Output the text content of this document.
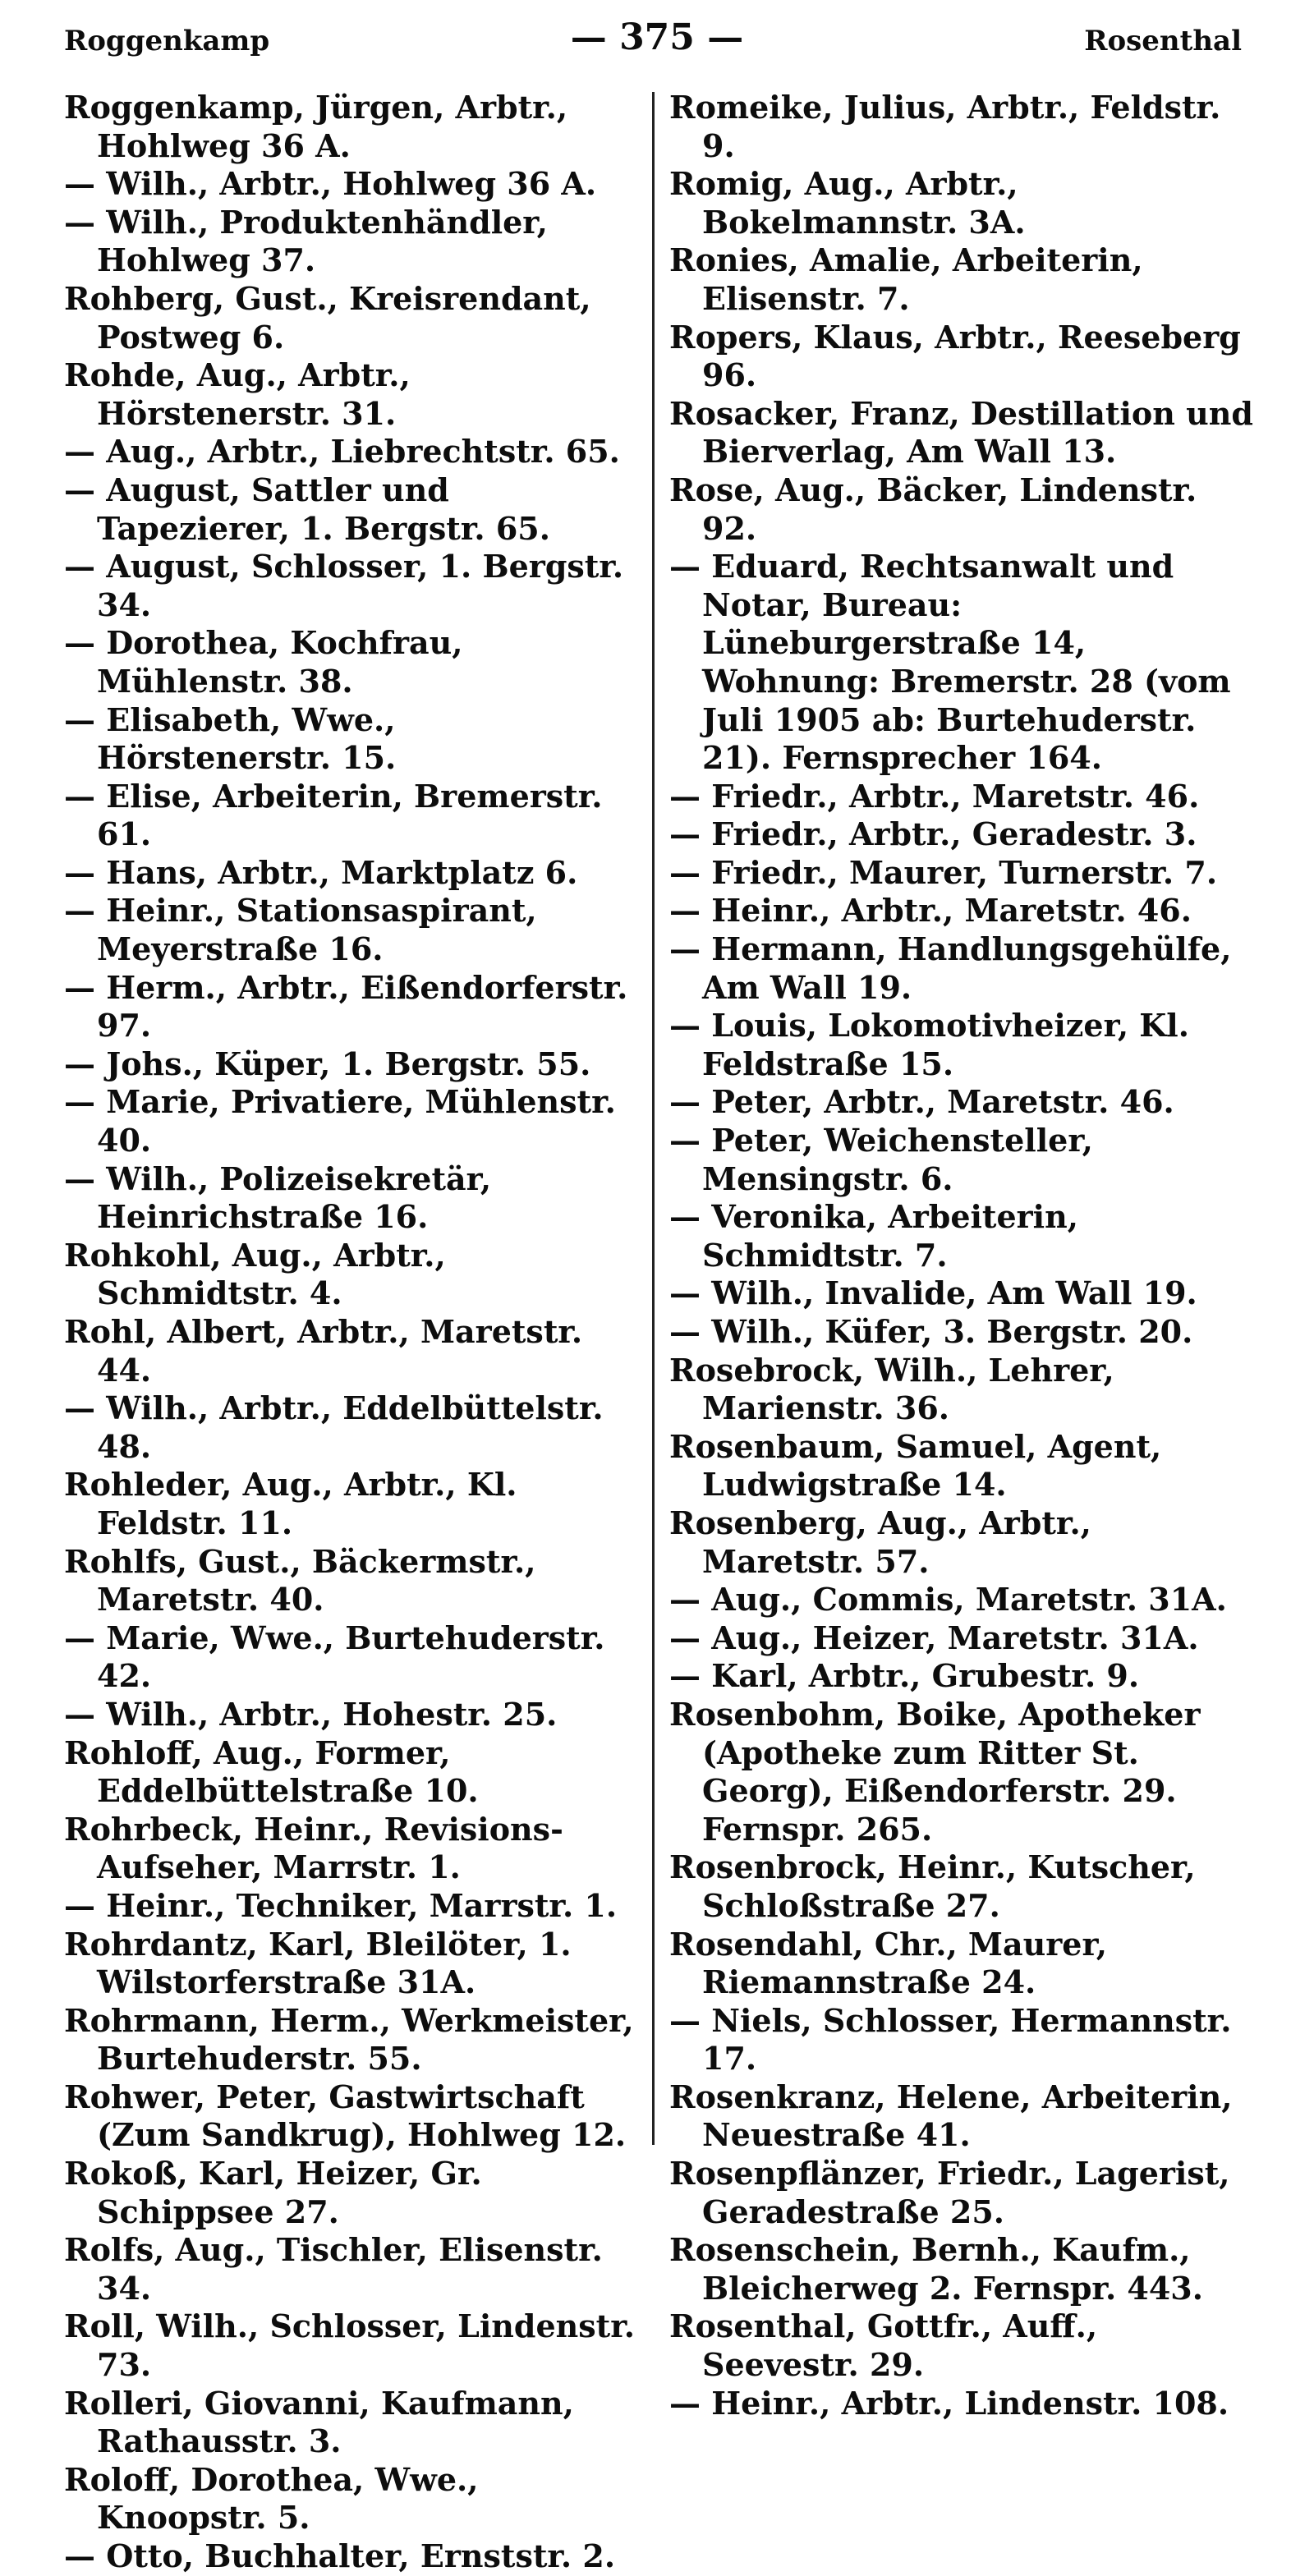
Roggenkamp	— 375 —	Rosenthal

Roggenkamp, Jürgen, Arbtr., Hohlweg 36 A.

— Wilh., Arbtr., Hohlweg 36 A.

— Wilh., Produktenhändler, Hohlweg 37.

Rohberg, Gust., Kreisrendant, Postweg 6.

Rohde, Aug., Arbtr., Hörstenerstr. 31.

— Aug., Arbtr., Liebrechtstr. 65.

— August, Sattler und Tapezierer, 1. Bergstr. 65.

— August, Schlosser, 1. Bergstr. 34.

— Dorothea, Kochfrau, Mühlenstr. 38.

— Elisabeth, Wwe., Hörstenerstr. 15.

— Elise, Arbeiterin, Bremerstr. 61.

— Hans, Arbtr., Marktplatz 6.

— Heinr., Stationsaspirant, Meyerstraße 16.

— Herm., Arbtr., Eißendorferstr. 97.

— Johs., Küper, 1. Bergstr. 55.

— Marie, Privatiere, Mühlenstr. 40.

— Wilh., Polizeisekretär, Heinrichstraße 16.

Rohkohl, Aug., Arbtr., Schmidtstr. 4.

Rohl, Albert, Arbtr., Maretstr. 44.

— Wilh., Arbtr., Eddelbüttelstr. 48.

Rohleder, Aug., Arbtr., Kl. Feldstr. 11.

Rohlfs, Gust., Bäckermstr., Maretstr. 40.

— Marie, Wwe., Burtehuderstr. 42.

— Wilh., Arbtr., Hohestr. 25.

Rohloff, Aug., Former, Eddelbüttelstraße 10.

Rohrbeck, Heinr., Revisions-Aufseher, Marrstr. 1.

— Heinr., Techniker, Marrstr. 1.

Rohrdantz, Karl, Bleilöter, 1. Wilstorferstraße 31A.

Rohrmann, Herm., Werkmeister, Burtehuderstr. 55.

Rohwer, Peter, Gastwirtschaft (Zum Sandkrug), Hohlweg 12.

Rokoß, Karl, Heizer, Gr. Schippsee 27.

Rolfs, Aug., Tischler, Elisenstr. 34.

Roll, Wilh., Schlosser, Lindenstr. 73.

Rolleri, Giovanni, Kaufmann, Rathausstr. 3.

Roloff, Dorothea, Wwe., Knoopstr. 5.

— Otto, Buchhalter, Ernststr. 2.

Romeike, Julius, Arbtr., Feldstr. 9.

Romig, Aug., Arbtr., Bokelmannstr. 3A.

Ronies, Amalie, Arbeiterin, Elisenstr. 7.

Ropers, Klaus, Arbtr., Reeseberg 96.

Rosacker, Franz, Destillation und Bierverlag, Am Wall 13.

Rose, Aug., Bäcker, Lindenstr. 92.

— Eduard, Rechtsanwalt und Notar, Bureau: Lüneburgerstraße 14, Wohnung: Bremerstr. 28 (vom Juli 1905 ab: Burtehuderstr. 21). Fernsprecher 164.

— Friedr., Arbtr., Maretstr. 46.

— Friedr., Arbtr., Geradestr. 3.

— Friedr., Maurer, Turnerstr. 7.

— Heinr., Arbtr., Maretstr. 46.

— Hermann, Handlungsgehülfe, Am Wall 19.

— Louis, Lokomotivheizer, Kl. Feldstraße 15.

— Peter, Arbtr., Maretstr. 46.

— Peter, Weichensteller, Mensingstr. 6.

— Veronika, Arbeiterin, Schmidtstr. 7.

— Wilh., Invalide, Am Wall 19.

— Wilh., Küfer, 3. Bergstr. 20.

Rosebrock, Wilh., Lehrer, Marienstr. 36.

Rosenbaum, Samuel, Agent, Ludwigstraße 14.

Rosenberg, Aug., Arbtr., Maretstr. 57.

— Aug., Commis, Maretstr. 31A.

— Aug., Heizer, Maretstr. 31A.

— Karl, Arbtr., Grubestr. 9.

Rosenbohm, Boike, Apotheker (Apotheke zum Ritter St. Georg), Eißendorferstr. 29. Fernspr. 265.

Rosenbrock, Heinr., Kutscher, Schloßstraße 27.

Rosendahl, Chr., Maurer, Riemannstraße 24.

— Niels, Schlosser, Hermannstr. 17.

Rosenkranz, Helene, Arbeiterin, Neuestraße 41.

Rosenpflänzer, Friedr., Lagerist, Geradestraße 25.

Rosenschein, Bernh., Kaufm., Bleicherweg 2. Fernspr. 443.

Rosenthal, Gottfr., Auff., Seevestr. 29.

— Heinr., Arbtr., Lindenstr. 108.
